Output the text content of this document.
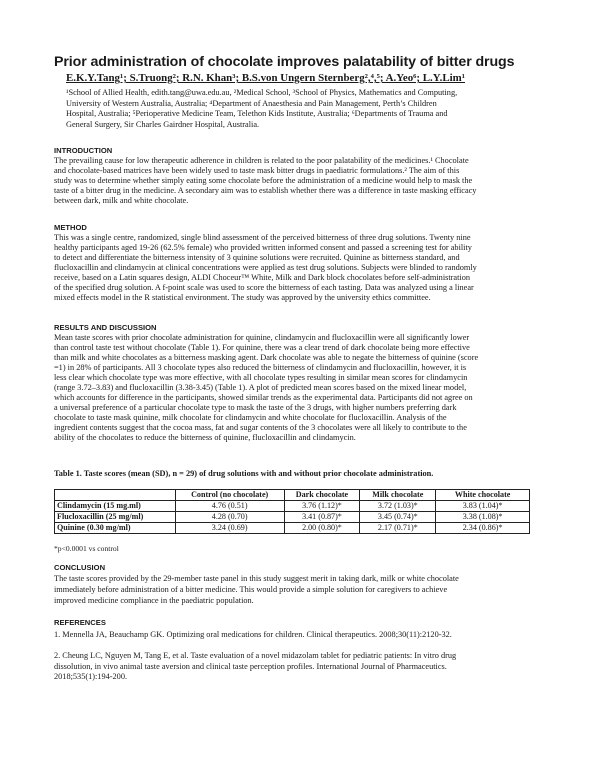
Prior administration of chocolate improves palatability of bitter drugs
E.K.Y.Tang¹; S.Truong²; R.N. Khan³; B.S.von Ungern Sternberg²,⁴,⁵; A.Yeo⁶; L.Y.Lim¹
¹School of Allied Health, edith.tang@uwa.edu.au, ²Medical School, ³School of Physics, Mathematics and Computing,
University of Western Australia, Australia; ⁴Department of Anaesthesia and Pain Management, Perth’s Children
Hospital, Australia; ⁵Perioperative Medicine Team, Telethon Kids Institute, Australia; ⁶Departments of Trauma and
General Surgery, Sir Charles Gairdner Hospital, Australia.
INTRODUCTION
The prevailing cause for low therapeutic adherence in children is related to the poor palatability of the medicines.¹ Chocolate
and chocolate-based matrices have been widely used to taste mask bitter drugs in paediatric formulations.² The aim of this
study was to determine whether simply eating some chocolate before the administration of a medicine would help to mask the
taste of a bitter drug in the medicine. A secondary aim was to establish whether there was a difference in taste masking efficacy
between dark, milk and white chocolate.
METHOD
This was a single centre, randomized, single blind assessment of the perceived bitterness of three drug solutions. Twenty nine
healthy participants aged 19-26 (62.5% female) who provided written informed consent and passed a screening test for ability
to detect and differentiate the bitterness intensity of 3 quinine solutions were recruited. Quinine as bitterness standard, and
flucloxacillin and clindamycin at clinical concentrations were applied as test drug solutions. Subjects were blinded to randomly
receive, based on a Latin squares design, ALDI Choceur™ White, Milk and Dark block chocolates before self-administration
of the specified drug solution. A f-point scale was used to score the bitterness of each tasting. Data was analyzed using a linear
mixed effects model in the R statistical environment. The study was approved by the university ethics committee.
RESULTS AND DISCUSSION
Mean taste scores with prior chocolate administration for quinine, clindamycin and flucloxacillin were all significantly lower
than control taste test without chocolate (Table 1). For quinine, there was a clear trend of dark chocolate being more effective
than milk and white chocolates as a bitterness masking agent. Dark chocolate was able to negate the bitterness of quinine (score
=1) in 28% of participants. All 3 chocolate types also reduced the bitterness of clindamycin and flucloxacillin, however, it is
less clear which chocolate type was more effective, with all chocolate types resulting in similar mean scores for clindamycin
(range 3.72–3.83) and flucloxacillin (3.38-3.45) (Table 1). A plot of predicted mean scores based on the mixed linear model,
which accounts for difference in the participants, showed similar trends as the experimental data. Participants did not agree on
a universal preference of a particular chocolate type to mask the taste of the 3 drugs, with higher numbers preferring dark
chocolate to taste mask quinine, milk chocolate for clindamycin and white chocolate for flucloxacillin. Analysis of the
ingredient contents suggest that the cocoa mass, fat and sugar contents of the 3 chocolates were all likely to contribute to the
ability of the chocolates to reduce the bitterness of quinine, flucloxacillin and clindamycin.
Table 1. Taste scores (mean (SD), n = 29) of drug solutions with and without prior chocolate administration.
	Control (no chocolate)	Dark chocolate	Milk chocolate	White chocolate
Clindamycin (15 mg.ml)	4.76 (0.51)	3.76 (1.12)*	3.72 (1.03)*	3.83 (1.04)*
Flucloxacillin (25 mg/ml)	4.28 (0.70)	3.41 (0.87)*	3.45 (0.74)*	3.38 (1.08)*
Quinine (0.30 mg/ml)	3.24 (0.69)	2.00 (0.80)*	2.17 (0.71)*	2.34 (0.86)*
*p<0.0001 vs control
CONCLUSION
The taste scores provided by the 29-member taste panel in this study suggest merit in taking dark, milk or white chocolate
immediately before administration of a bitter medicine. This would provide a simple solution for caregivers to achieve
improved medicine compliance in the paediatric population.
REFERENCES
1. Mennella JA, Beauchamp GK. Optimizing oral medications for children. Clinical therapeutics. 2008;30(11):2120-32.
2. Cheung LC, Nguyen M, Tang E, et al. Taste evaluation of a novel midazolam tablet for pediatric patients: In vitro drug
dissolution, in vivo animal taste aversion and clinical taste perception profiles. International Journal of Pharmaceutics.
2018;535(1):194-200.
